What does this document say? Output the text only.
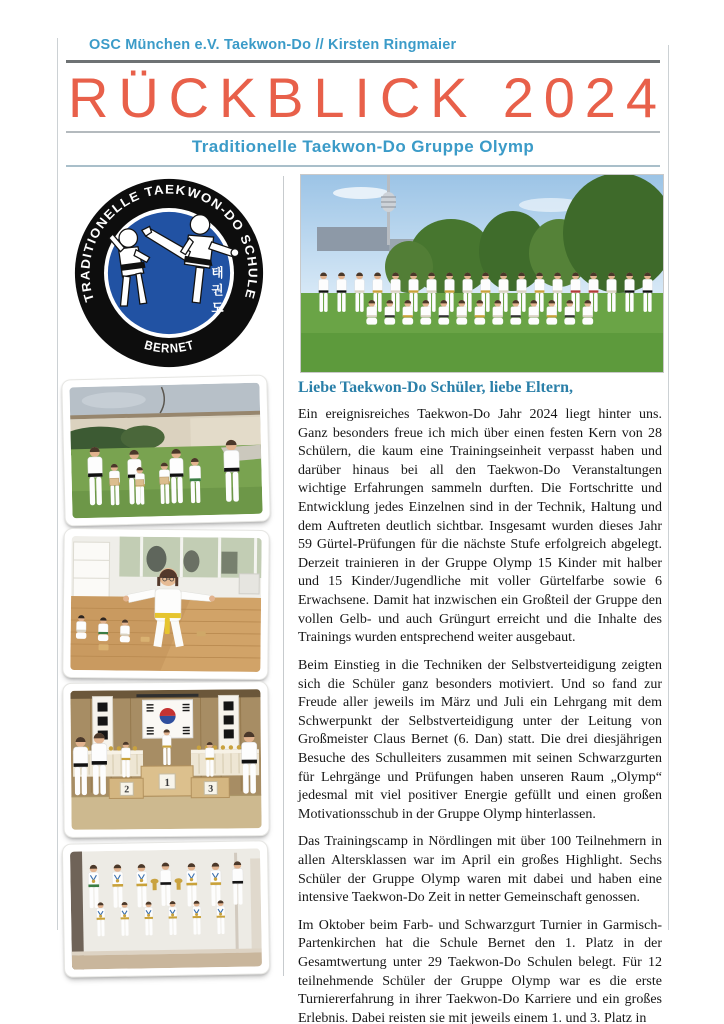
OSC München e.V. Taekwon-Do // Kirsten Ringmaier
R Ü C K B L I C K
2 0 2 4
Traditionelle Taekwon-Do Gruppe Olymp
TRADITIONELLE TAEKWON-DO SCHULE
BERNET
태
권
도
1
2	3
Liebe Taekwon-Do Schüler, liebe Eltern,

Ein ereignisreiches Taekwon-Do Jahr 2024 liegt hinter uns. Ganz besonders freue ich mich über einen festen Kern von 28 Schülern, die kaum eine Trainingseinheit verpasst haben und darüber hinaus bei all den Taekwon-Do Veranstaltungen wichtige Erfahrungen sammeln durften. Die Fortschritte und Entwicklung jedes Einzelnen sind in der Technik, Haltung und dem Auftreten deutlich sichtbar. Insgesamt wurden dieses Jahr 59 Gürtel-Prüfungen für die nächste Stufe erfolgreich abgelegt. Derzeit trainieren in der Gruppe Olymp 15 Kinder mit halber und 15 Kinder/Jugendliche mit voller Gürtelfarbe sowie 6 Erwachsene. Damit hat inzwischen ein Großteil der Gruppe den vollen Gelb- und auch Grüngurt erreicht und die Inhalte des Trainings wurden entsprechend weiter ausgebaut.

Beim Einstieg in die Techniken der Selbstverteidigung zeigten sich die Schüler ganz besonders motiviert. Und so fand zur Freude aller jeweils im März und Juli ein Lehrgang mit dem Schwerpunkt der Selbstverteidigung unter der Leitung von Großmeister Claus Bernet (6. Dan) statt. Die drei diesjährigen Besuche des Schulleiters zusammen mit seinen Schwarzgurten für Lehrgänge und Prüfungen haben unseren Raum „Olymp“ jedesmal mit viel positiver Energie gefüllt und einen großen Motivationsschub in der Gruppe Olymp hinterlassen.

Das Trainingscamp in Nördlingen mit über 100 Teilnehmern in allen Altersklassen war im April ein großes Highlight. Sechs Schüler der Gruppe Olymp waren mit dabei und haben eine intensive Taekwon-Do Zeit in netter Gemeinschaft genossen.

Im Oktober beim Farb- und Schwarzgurt Turnier in Garmisch-Partenkirchen hat die Schule Bernet den 1. Platz in der Gesamtwertung unter 29 Taekwon-Do Schulen belegt. Für 12 teilnehmende Schüler der Gruppe Olymp war es die erste Turniererfahrung in ihrer Taekwon-Do Karriere und ein großes Erlebnis. Dabei reisten sie mit jeweils einem 1. und 3. Platz in
